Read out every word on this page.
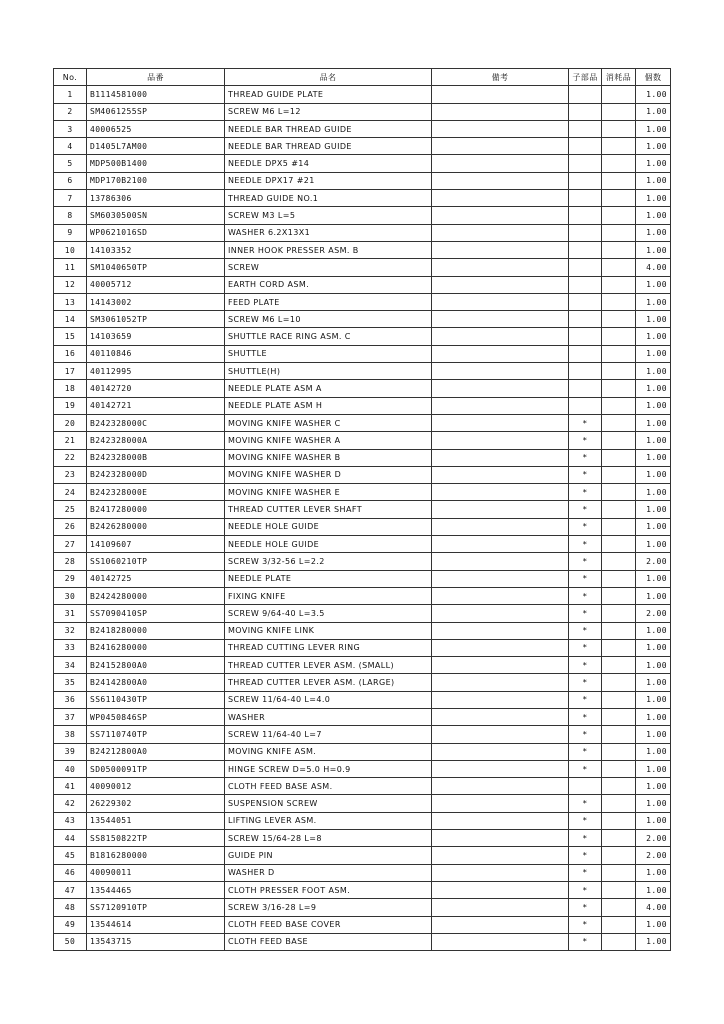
No.	品番	品名	備考	子部品	消耗品	個数
1	B1114581000	THREAD GUIDE PLATE				1.00
2	SM4061255SP	SCREW M6 L=12				1.00
3	40006525	NEEDLE BAR THREAD GUIDE				1.00
4	D1405L7AM00	NEEDLE BAR THREAD GUIDE				1.00
5	MDP500B1400	NEEDLE DPX5 #14				1.00
6	MDP170B2100	NEEDLE DPX17 #21				1.00
7	13786306	THREAD GUIDE NO.1				1.00
8	SM6030500SN	SCREW M3 L=5				1.00
9	WP0621016SD	WASHER 6.2X13X1				1.00
10	14103352	INNER HOOK PRESSER ASM. B				1.00
11	SM1040650TP	SCREW				4.00
12	40005712	EARTH CORD ASM.				1.00
13	14143002	FEED PLATE				1.00
14	SM3061052TP	SCREW M6 L=10				1.00
15	14103659	SHUTTLE RACE RING ASM. C				1.00
16	40110846	SHUTTLE				1.00
17	40112995	SHUTTLE(H)				1.00
18	40142720	NEEDLE PLATE ASM A				1.00
19	40142721	NEEDLE PLATE ASM H				1.00
20	B242328000C	MOVING KNIFE WASHER C		*		1.00
21	B242328000A	MOVING KNIFE WASHER A		*		1.00
22	B242328000B	MOVING KNIFE WASHER B		*		1.00
23	B242328000D	MOVING KNIFE WASHER D		*		1.00
24	B242328000E	MOVING KNIFE WASHER E		*		1.00
25	B2417280000	THREAD CUTTER LEVER SHAFT		*		1.00
26	B2426280000	NEEDLE HOLE GUIDE		*		1.00
27	14109607	NEEDLE HOLE GUIDE		*		1.00
28	SS1060210TP	SCREW 3/32-56 L=2.2		*		2.00
29	40142725	NEEDLE PLATE		*		1.00
30	B2424280000	FIXING KNIFE		*		1.00
31	SS7090410SP	SCREW 9/64-40 L=3.5		*		2.00
32	B2418280000	MOVING KNIFE LINK		*		1.00
33	B2416280000	THREAD CUTTING LEVER RING		*		1.00
34	B24152800A0	THREAD CUTTER LEVER ASM. (SMALL)		*		1.00
35	B24142800A0	THREAD CUTTER LEVER ASM. (LARGE)		*		1.00
36	SS6110430TP	SCREW 11/64-40 L=4.0		*		1.00
37	WP0450846SP	WASHER		*		1.00
38	SS7110740TP	SCREW 11/64-40 L=7		*		1.00
39	B24212800A0	MOVING KNIFE ASM.		*		1.00
40	SD0500091TP	HINGE SCREW D=5.0 H=0.9		*		1.00
41	40090012	CLOTH FEED BASE ASM.				1.00
42	26229302	SUSPENSION SCREW		*		1.00
43	13544051	LIFTING LEVER ASM.		*		1.00
44	SS8150822TP	SCREW 15/64-28 L=8		*		2.00
45	B1816280000	GUIDE PIN		*		2.00
46	40090011	WASHER D		*		1.00
47	13544465	CLOTH PRESSER FOOT ASM.		*		1.00
48	SS7120910TP	SCREW 3/16-28 L=9		*		4.00
49	13544614	CLOTH FEED BASE COVER		*		1.00
50	13543715	CLOTH FEED BASE		*		1.00
